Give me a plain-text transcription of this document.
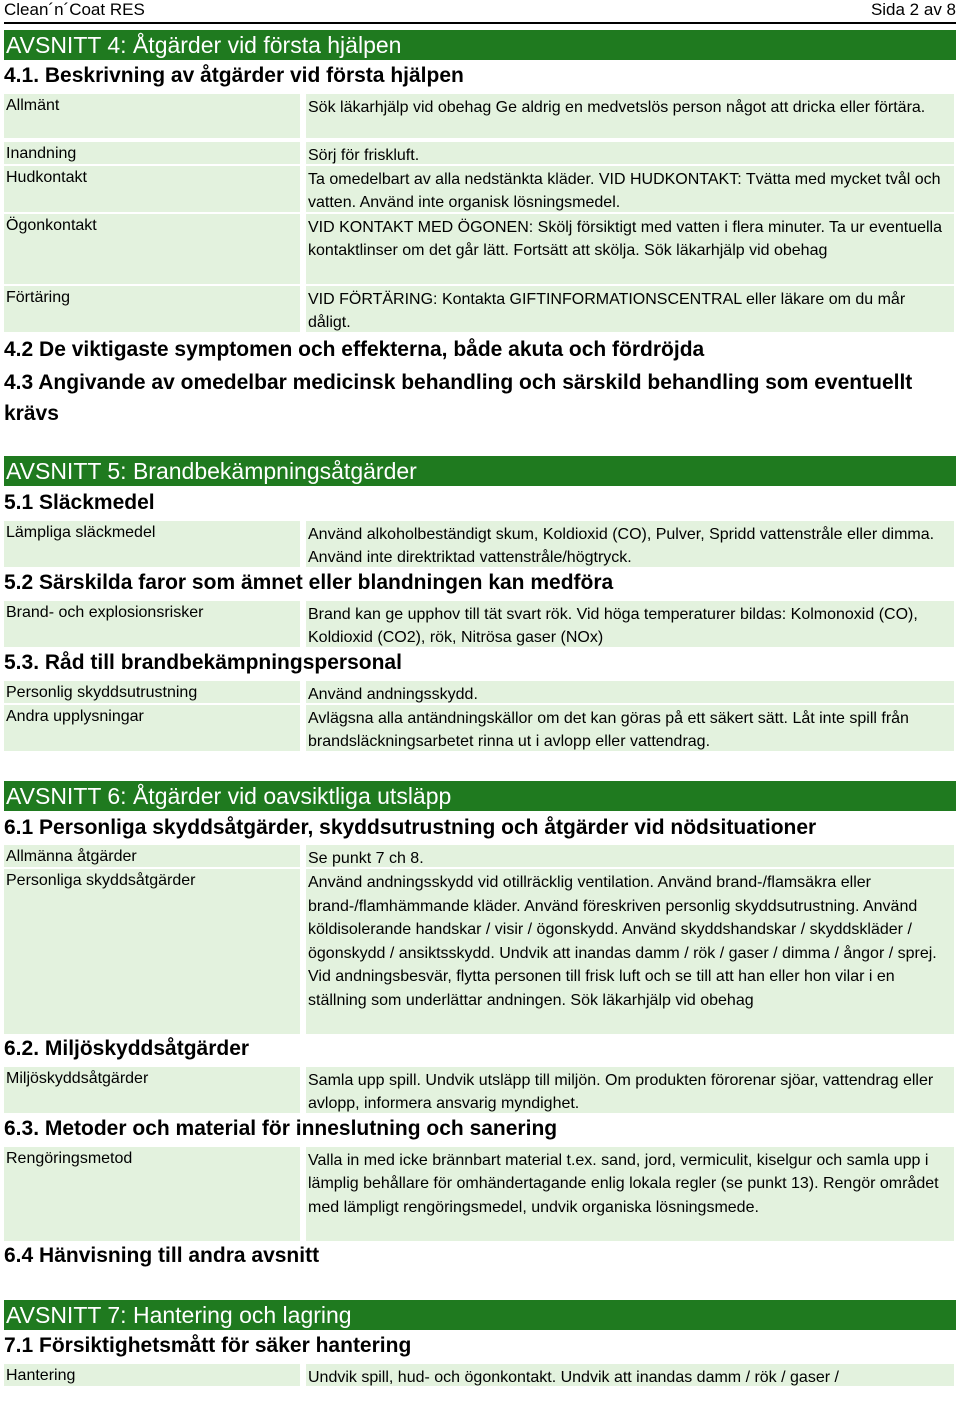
Clean´n´Coat RES	Sida 2 av 8
AVSNITT 4: Åtgärder vid första hjälpen
4.1. Beskrivning av åtgärder vid första hjälpen
Allmänt	Sök läkarhjälp vid obehag Ge aldrig en medvetslös person något att dricka eller förtära.
Inandning	Sörj för friskluft.
Hudkontakt	Ta omedelbart av alla nedstänkta kläder. VID HUDKONTAKT: Tvätta med mycket tvål och vatten. Använd inte organisk lösningsmedel.
Ögonkontakt	VID KONTAKT MED ÖGONEN: Skölj försiktigt med vatten i flera minuter. Ta ur eventuella kontaktlinser om det går lätt. Fortsätt att skölja. Sök läkarhjälp vid obehag
Förtäring	VID FÖRTÄRING: Kontakta GIFTINFORMATIONSCENTRAL eller läkare om du mår dåligt.
4.2 De viktigaste symptomen och effekterna, både akuta och fördröjda
4.3 Angivande av omedelbar medicinsk behandling och särskild behandling som eventuellt krävs
AVSNITT 5: Brandbekämpningsåtgärder
5.1 Släckmedel
Lämpliga släckmedel	Använd alkoholbeständigt skum, Koldioxid (CO), Pulver, Spridd vattenstråle eller dimma. Använd inte direktriktad vattenstråle/högtryck.
5.2 Särskilda faror som ämnet eller blandningen kan medföra
Brand- och explosionsrisker	Brand kan ge upphov till tät svart rök. Vid höga temperaturer bildas: Kolmonoxid (CO), Koldioxid (CO2), rök, Nitrösa gaser (NOx)
5.3. Råd till brandbekämpningspersonal
Personlig skyddsutrustning	Använd andningsskydd.
Andra upplysningar	Avlägsna alla antändningskällor om det kan göras på ett säkert sätt. Låt inte spill från brandsläckningsarbetet rinna ut i avlopp eller vattendrag.
AVSNITT 6: Åtgärder vid oavsiktliga utsläpp
6.1 Personliga skyddsåtgärder, skyddsutrustning och åtgärder vid nödsituationer
Allmänna åtgärder	Se punkt 7 ch 8.
Personliga skyddsåtgärder	Använd andningsskydd vid otillräcklig ventilation. Använd brand-/flamsäkra eller brand-/flamhämmande kläder. Använd föreskriven personlig skyddsutrustning. Använd köldisolerande handskar / visir / ögonskydd. Använd skyddshandskar / skyddskläder / ögonskydd / ansiktsskydd. Undvik att inandas damm / rök / gaser / dimma / ångor / sprej. Vid andningsbesvär, flytta personen till frisk luft och se till att han eller hon vilar i en ställning som underlättar andningen. Sök läkarhjälp vid obehag
6.2. Miljöskyddsåtgärder
Miljöskyddsåtgärder	Samla upp spill. Undvik utsläpp till miljön. Om produkten förorenar sjöar, vattendrag eller avlopp, informera ansvarig myndighet.
6.3. Metoder och material för inneslutning och sanering
Rengöringsmetod	Valla in med icke brännbart material t.ex. sand, jord, vermiculit, kiselgur och samla upp i lämplig behållare för omhändertagande enlig lokala regler (se punkt 13). Rengör området med lämpligt rengöringsmedel, undvik organiska lösningsmede.
6.4 Hänvisning till andra avsnitt
AVSNITT 7: Hantering och lagring
7.1 Försiktighetsmått för säker hantering
Hantering	Undvik spill, hud- och ögonkontakt. Undvik att inandas damm / rök / gaser /
